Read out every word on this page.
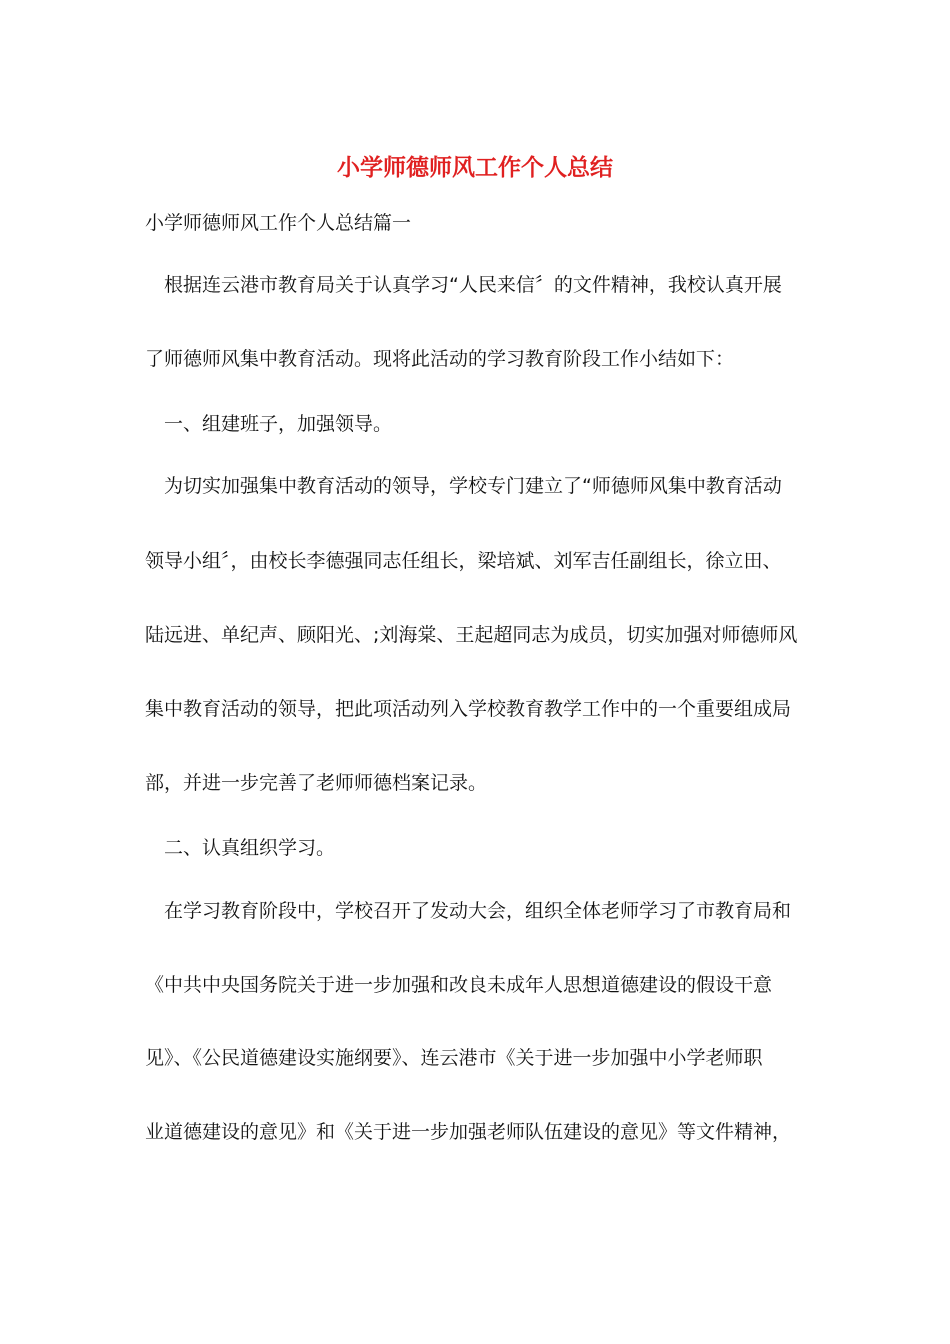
小学师德师风工作个人总结

小学师德师风工作个人总结篇一

根据连云港市教育局关于认真学习“人民来信〞的文件精神，我校认真开展

了师德师风集中教育活动。现将此活动的学习教育阶段工作小结如下：

一、组建班子，加强领导。

为切实加强集中教育活动的领导，学校专门建立了“师德师风集中教育活动

领导小组〞，由校长李德强同志任组长，梁培斌、刘军吉任副组长，徐立田、

陆远进、单纪声、顾阳光、;刘海棠、王起超同志为成员，切实加强对师德师风

集中教育活动的领导，把此项活动列入学校教育教学工作中的一个重要组成局

部，并进一步完善了老师师德档案记录。

二、认真组织学习。

在学习教育阶段中，学校召开了发动大会，组织全体老师学习了市教育局和

《中共中央国务院关于进一步加强和改良未成年人思想道德建设的假设干意

见》、《公民道德建设实施纲要》、连云港市《关于进一步加强中小学老师职

业道德建设的意见》和《关于进一步加强老师队伍建设的意见》等文件精神，
